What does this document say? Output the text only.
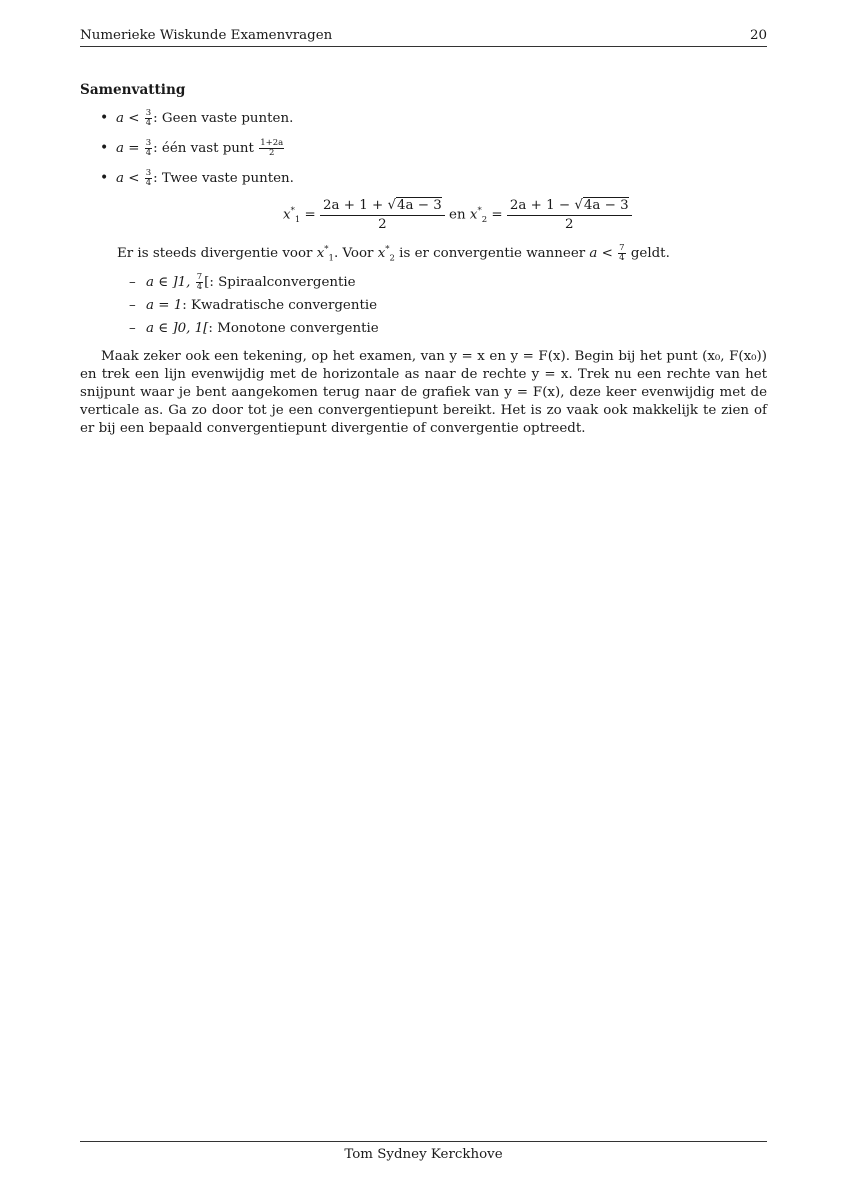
Numerieke Wiskunde Examenvragen	20
Samenvatting
• $a < \frac{3}{4}$ : Geen vaste punten.
• $a = \frac{3}{4}$ : één vast punt $\frac{1+2a}{2}$
• $a < \frac{3}{4}$ : Twee vaste punten.
$x^*_1 = \frac{2a + 1 + √4a - 3}{2}$ en $x^*_2 = \frac{2a + 1 - √4a - 3}{2}$
Er is steeds divergentie voor $x^*_1$. Voor $x^*_2$ is er convergentie wanneer $a < \frac{7}{4}$ geldt.
– a ∈ ]1, $\frac{7}{4}$ [: Spiraalconvergentie
– a = 1: Kwadratische convergentie
– a ∈ ]0, 1[: Monotone convergentie
Maak zeker ook een tekening, op het examen, van y = x en y = F(x). Begin bij het punt (x₀, F(x₀)) en trek een lijn evenwijdig met de horizontale as naar de rechte y = x. Trek nu een rechte van het snijpunt waar je bent aangekomen terug naar de grafiek van y = F(x), deze keer evenwijdig met de verticale as. Ga zo door tot je een convergentiepunt bereikt. Het is zo vaak ook makkelijk te zien of er bij een bepaald convergentiepunt divergentie of convergentie optreedt.
Tom Sydney Kerckhove
